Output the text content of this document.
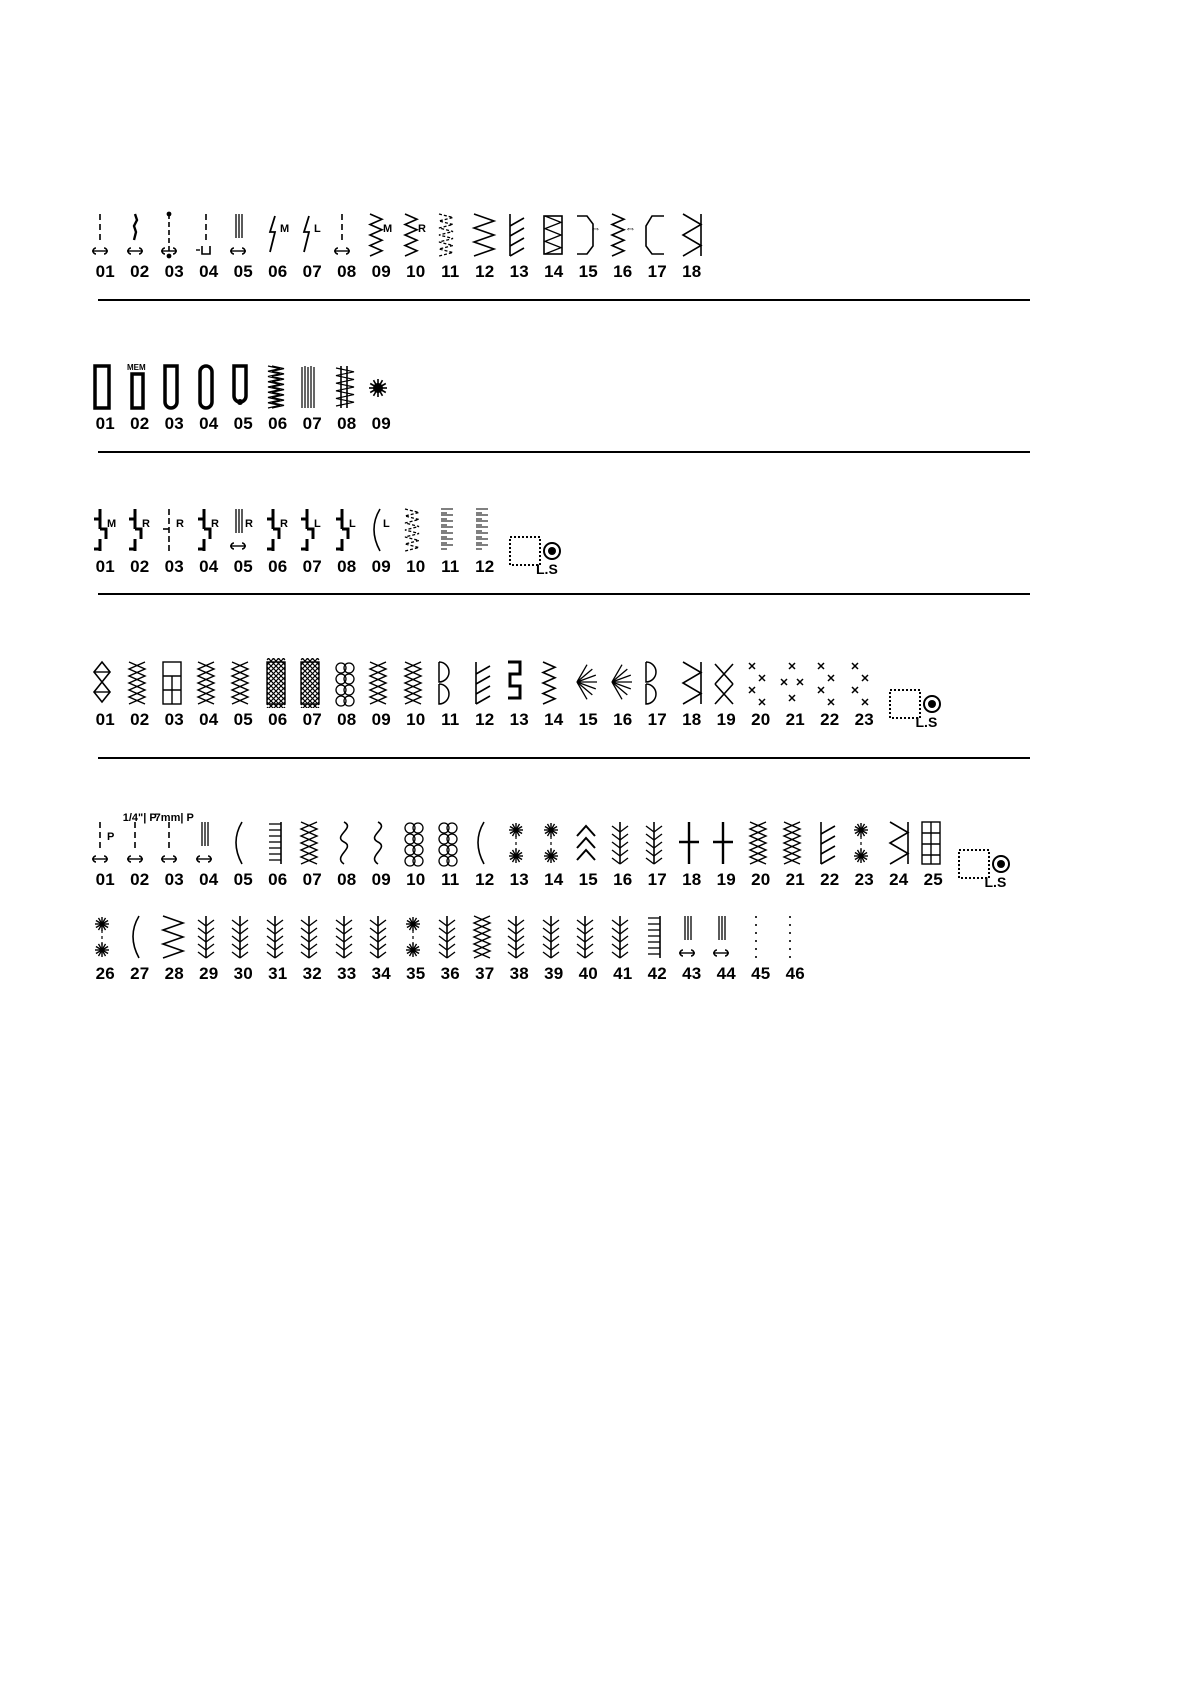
01 02 03 04 05
M
06
L
07 08
M
09
R
10 11 12 13 14
⇔
15
⇔
16 17 18
01
MEM
02 03 04 05 06 07 08 09
M
01
R
02
R
03
R
04
R
05
R
06
L
07
L
08
L
09 10 11 12	L.S
01 02 03 04 05 06 07 08 09 10 11 12 13 14 15 16 17 18 19 20 21 22 23	L.S
P
01
1/4"| P
02
7mm| P
03 04 05 06 07 08 09 10 11 12 13 14 15 16 17 18 19 20 21 22 23 24 25	L.S
26 27 28 29 30 31 32 33 34 35 36 37 38 39 40 41 42 43 44 45 46
